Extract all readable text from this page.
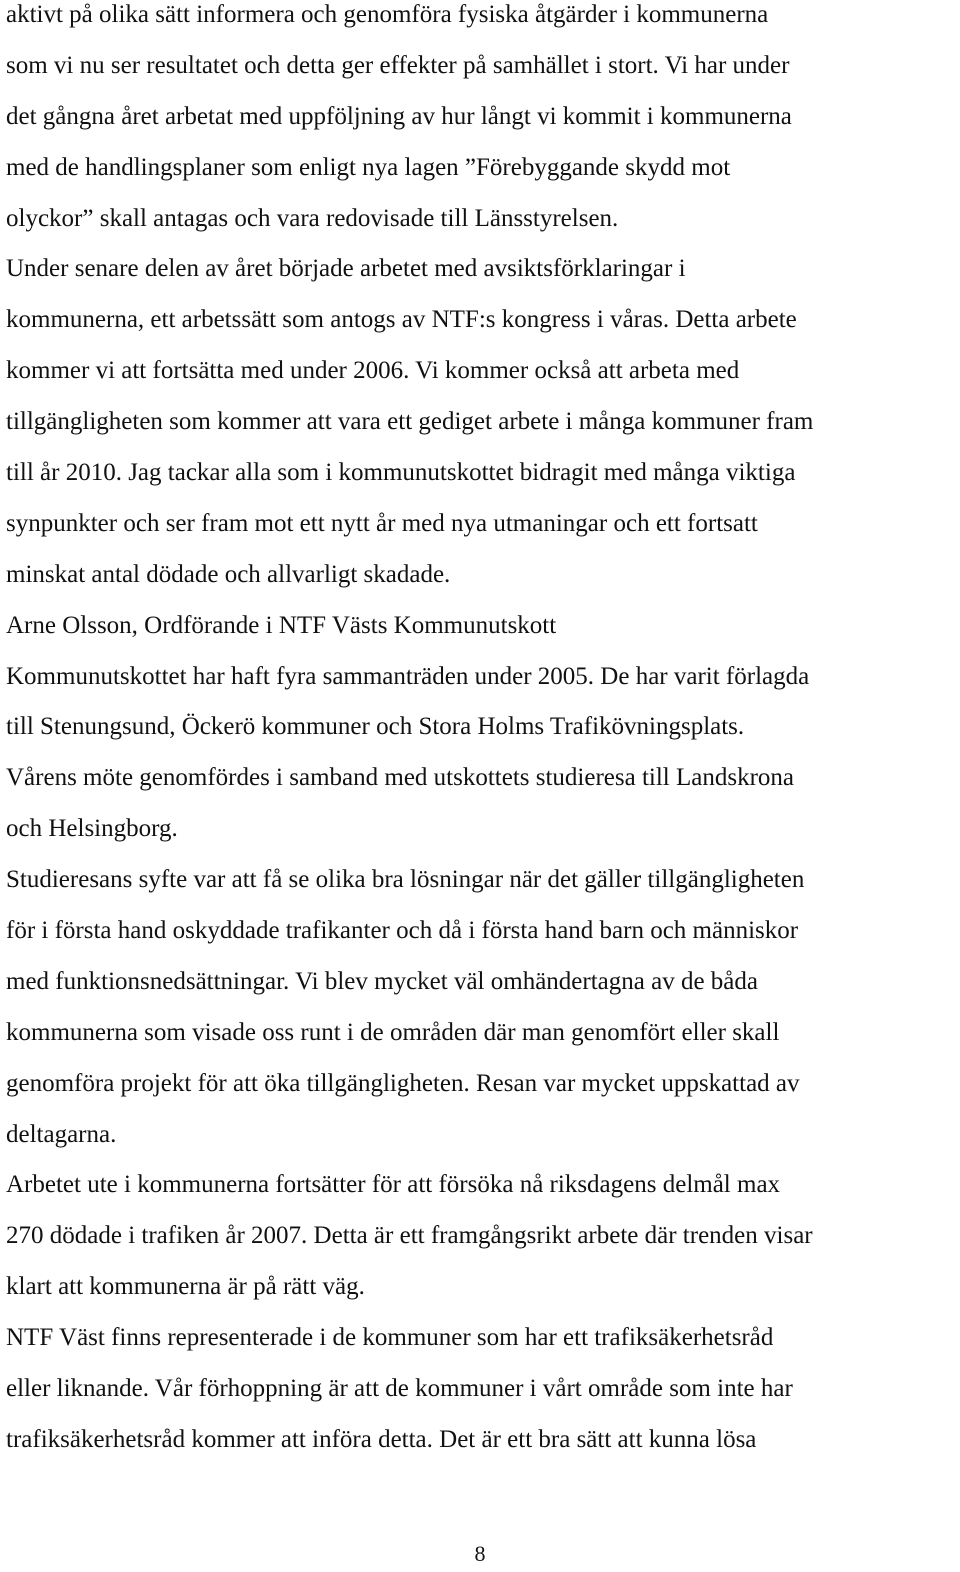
aktivt på olika sätt informera och genomföra fysiska åtgärder i kommunerna
som vi nu ser resultatet och detta ger effekter på samhället i stort. Vi har under
det gångna året arbetat med uppföljning av hur långt vi kommit i kommunerna
med de handlingsplaner som enligt nya lagen ”Förebyggande skydd mot
olyckor” skall antagas och vara redovisade till Länsstyrelsen.
Under senare delen av året började arbetet med avsiktsförklaringar i
kommunerna, ett arbetssätt som antogs av NTF:s kongress i våras. Detta arbete
kommer vi att fortsätta med under 2006. Vi kommer också att arbeta med
tillgängligheten som kommer att vara ett gediget arbete i många kommuner fram
till år 2010. Jag tackar alla som i kommunutskottet bidragit med många viktiga
synpunkter och ser fram mot ett nytt år med nya utmaningar och ett fortsatt
minskat antal dödade och allvarligt skadade.
Arne Olsson, Ordförande i NTF Västs Kommunutskott
Kommunutskottet har haft fyra sammanträden under 2005. De har varit förlagda
till Stenungsund, Öckerö kommuner och Stora Holms Trafikövningsplats.
Vårens möte genomfördes i samband med utskottets studieresa till Landskrona
och Helsingborg.
Studieresans syfte var att få se olika bra lösningar när det gäller tillgängligheten
för i första hand oskyddade trafikanter och då i första hand barn och människor
med funktionsnedsättningar. Vi blev mycket väl omhändertagna av de båda
kommunerna som visade oss runt i de områden där man genomfört eller skall
genomföra projekt för att öka tillgängligheten. Resan var mycket uppskattad av
deltagarna.
Arbetet ute i kommunerna fortsätter för att försöka nå riksdagens delmål max
270 dödade i trafiken år 2007. Detta är ett framgångsrikt arbete där trenden visar
klart att kommunerna är på rätt väg.
NTF Väst finns representerade i de kommuner som har ett trafiksäkerhetsråd
eller liknande. Vår förhoppning är att de kommuner i vårt område som inte har
trafiksäkerhetsråd kommer att införa detta. Det är ett bra sätt att kunna lösa
8
